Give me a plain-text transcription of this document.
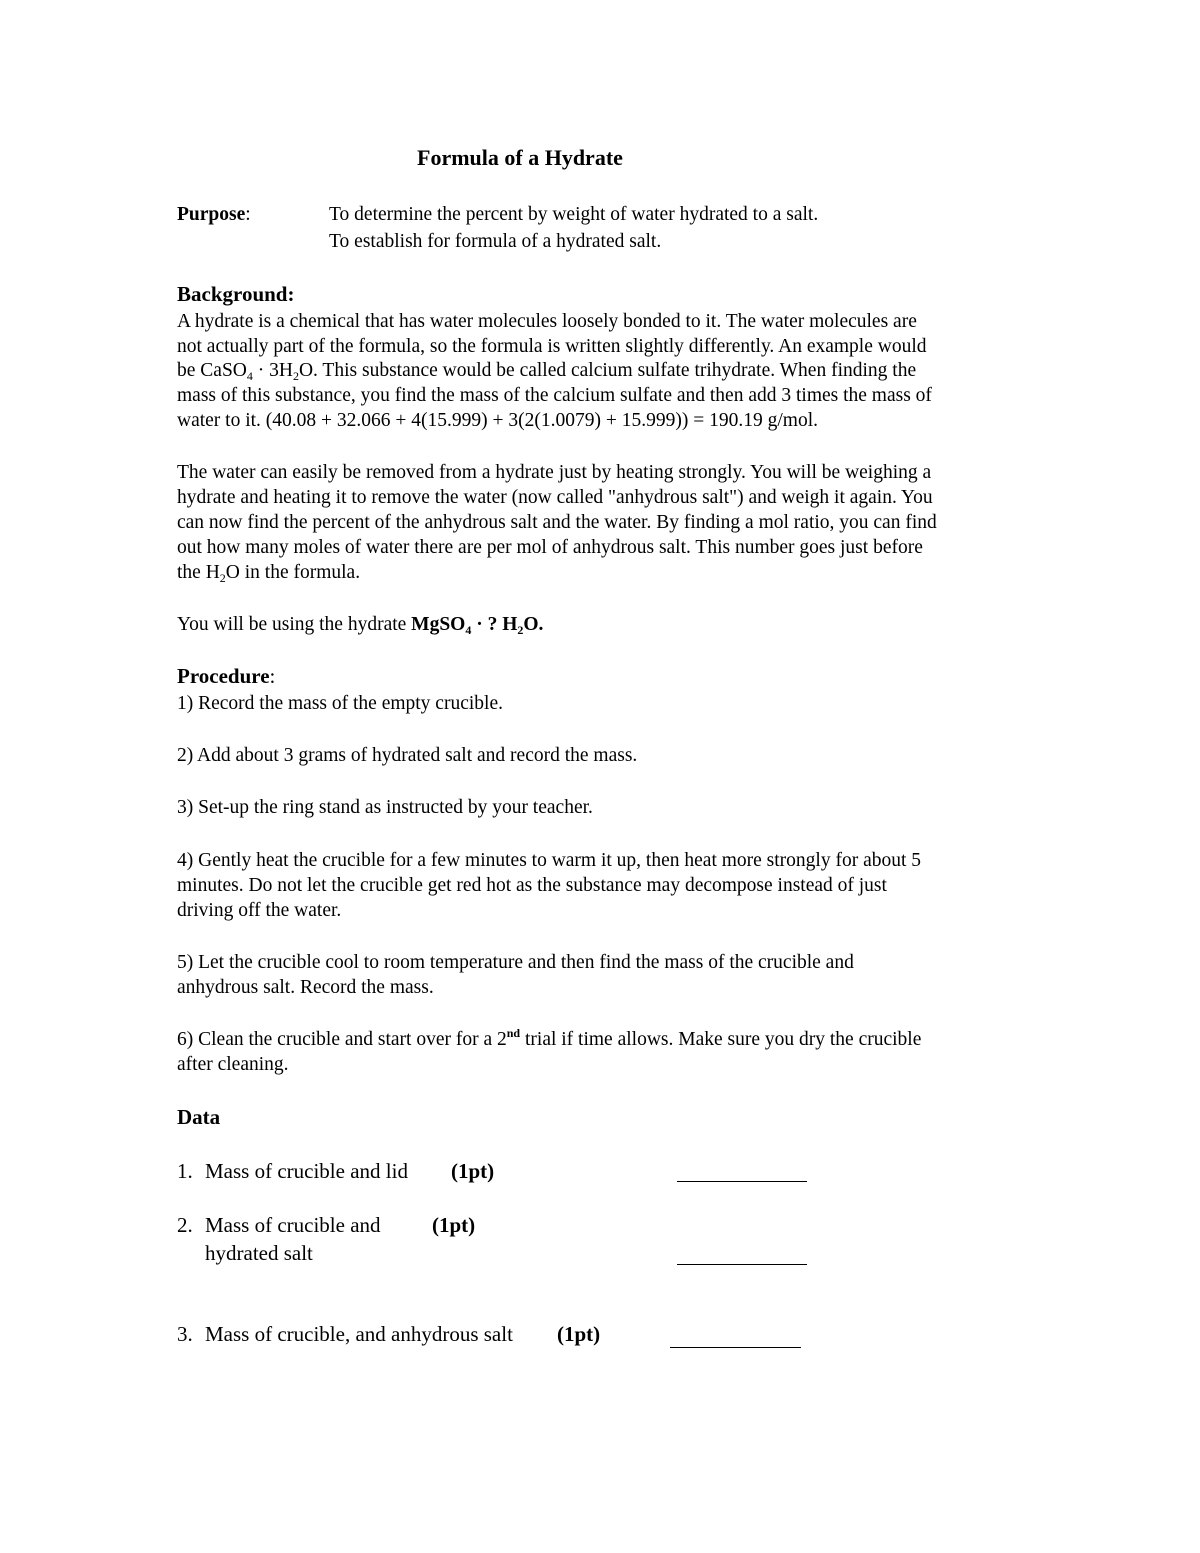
Formula of a Hydrate
Purpose:	To determine the percent by weight of water hydrated to a salt.
To establish for formula of a hydrated salt.
Background:
A hydrate is a chemical that has water molecules loosely bonded to it. The water molecules are
not actually part of the formula, so the formula is written slightly differently. An example would
be CaSO$_4$ · $3H_2O$. This substance would be called calcium sulfate trihydrate. When finding the
mass of this substance, you find the mass of the calcium sulfate and then add 3 times the mass of
water to it. (40.08 + 32.066 + 4(15.999) + 3(2(1.0079) + 15.999)) = 190.19 g/mol.
The water can easily be removed from a hydrate just by heating strongly. You will be weighing a
hydrate and heating it to remove the water (now called "anhydrous salt") and weigh it again. You
can now find the percent of the anhydrous salt and the water. By finding a mol ratio, you can find
out how many moles of water there are per mol of anhydrous salt. This number goes just before
the $H_2O$ in the formula.
You will be using the hydrate MgSO$_4$ · ? $H_2O$.
Procedure:
1) Record the mass of the empty crucible.
2) Add about 3 grams of hydrated salt and record the mass.
3) Set-up the ring stand as instructed by your teacher.
4) Gently heat the crucible for a few minutes to warm it up, then heat more strongly for about 5
minutes. Do not let the crucible get red hot as the substance may decompose instead of just
driving off the water.
5) Let the crucible cool to room temperature and then find the mass of the crucible and
anhydrous salt. Record the mass.
6) Clean the crucible and start over for a 2nd trial if time allows. Make sure you dry the crucible
after cleaning.
Data
1. Mass of crucible and lid (1pt)
2. Mass of crucible and (1pt)
hydrated salt
3. Mass of crucible, and anhydrous salt (1pt)
